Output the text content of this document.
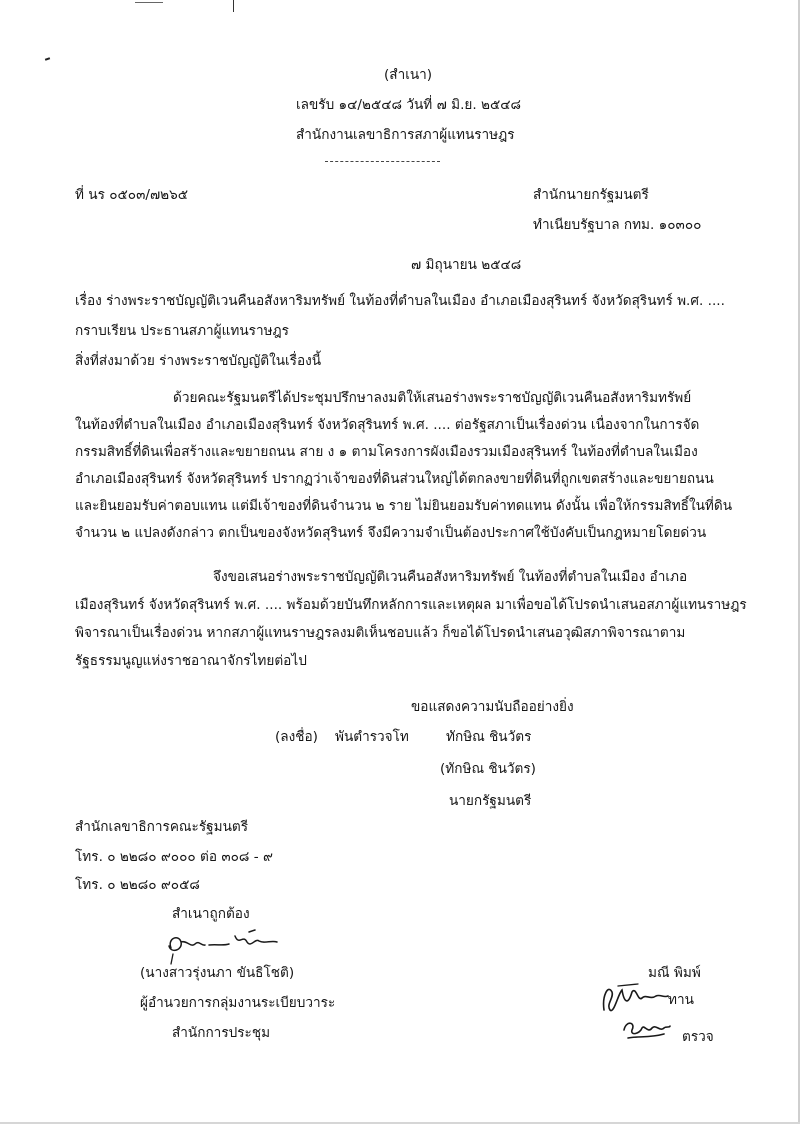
(สำเนา)
เลขรับ ๑๔/๒๕๔๘ วันที่ ๗ มิ.ย. ๒๕๔๘
สำนักงานเลขาธิการสภาผู้แทนราษฎร
ที่ นร ๐๕๐๓/๗๒๖๕	สำนักนายกรัฐมนตรี
ทำเนียบรัฐบาล กทม. ๑๐๓๐๐
๗ มิถุนายน ๒๕๔๘
เรื่อง ร่างพระราชบัญญัติเวนคืนอสังหาริมทรัพย์ ในท้องที่ตำบลในเมือง อำเภอเมืองสุรินทร์ จังหวัดสุรินทร์ พ.ศ. ....
กราบเรียน ประธานสภาผู้แทนราษฎร
สิ่งที่ส่งมาด้วย ร่างพระราชบัญญัติในเรื่องนี้
ด้วยคณะรัฐมนตรีได้ประชุมปรึกษาลงมติให้เสนอร่างพระราชบัญญัติเวนคืนอสังหาริมทรัพย์
ในท้องที่ตำบลในเมือง อำเภอเมืองสุรินทร์ จังหวัดสุรินทร์ พ.ศ. .... ต่อรัฐสภาเป็นเรื่องด่วน เนื่องจากในการจัด
กรรมสิทธิ์ที่ดินเพื่อสร้างและขยายถนน สาย ง ๑ ตามโครงการผังเมืองรวมเมืองสุรินทร์ ในท้องที่ตำบลในเมือง
อำเภอเมืองสุรินทร์ จังหวัดสุรินทร์ ปรากฏว่าเจ้าของที่ดินส่วนใหญ่ได้ตกลงขายที่ดินที่ถูกเขตสร้างและขยายถนน
และยินยอมรับค่าตอบแทน แต่มีเจ้าของที่ดินจำนวน ๒ ราย ไม่ยินยอมรับค่าทดแทน ดังนั้น เพื่อให้กรรมสิทธิ์ในที่ดิน
จำนวน ๒ แปลงดังกล่าว ตกเป็นของจังหวัดสุรินทร์ จึงมีความจำเป็นต้องประกาศใช้บังคับเป็นกฎหมายโดยด่วน
จึงขอเสนอร่างพระราชบัญญัติเวนคืนอสังหาริมทรัพย์ ในท้องที่ตำบลในเมือง อำเภอ
เมืองสุรินทร์ จังหวัดสุรินทร์ พ.ศ. .... พร้อมด้วยบันทึกหลักการและเหตุผล มาเพื่อขอได้โปรดนำเสนอสภาผู้แทนราษฎร
พิจารณาเป็นเรื่องด่วน หากสภาผู้แทนราษฎรลงมติเห็นชอบแล้ว ก็ขอได้โปรดนำเสนอวุฒิสภาพิจารณาตาม
รัฐธรรมนูญแห่งราชอาณาจักรไทยต่อไป
ขอแสดงความนับถืออย่างยิ่ง
(ลงชื่อ) พันตำรวจโท	ทักษิณ ชินวัตร
(ทักษิณ ชินวัตร)
นายกรัฐมนตรี
สำนักเลขาธิการคณะรัฐมนตรี
โทร. ๐ ๒๒๘๐ ๙๐๐๐ ต่อ ๓๐๘ - ๙
โทร. ๐ ๒๒๘๐ ๙๐๕๘
สำเนาถูกต้อง
(นางสาวรุ่งนภา ขันธิโชติ)
ผู้อำนวยการกลุ่มงานระเบียบวาระ
สำนักการประชุม
มณี พิมพ์
ทาน
ตรวจ
